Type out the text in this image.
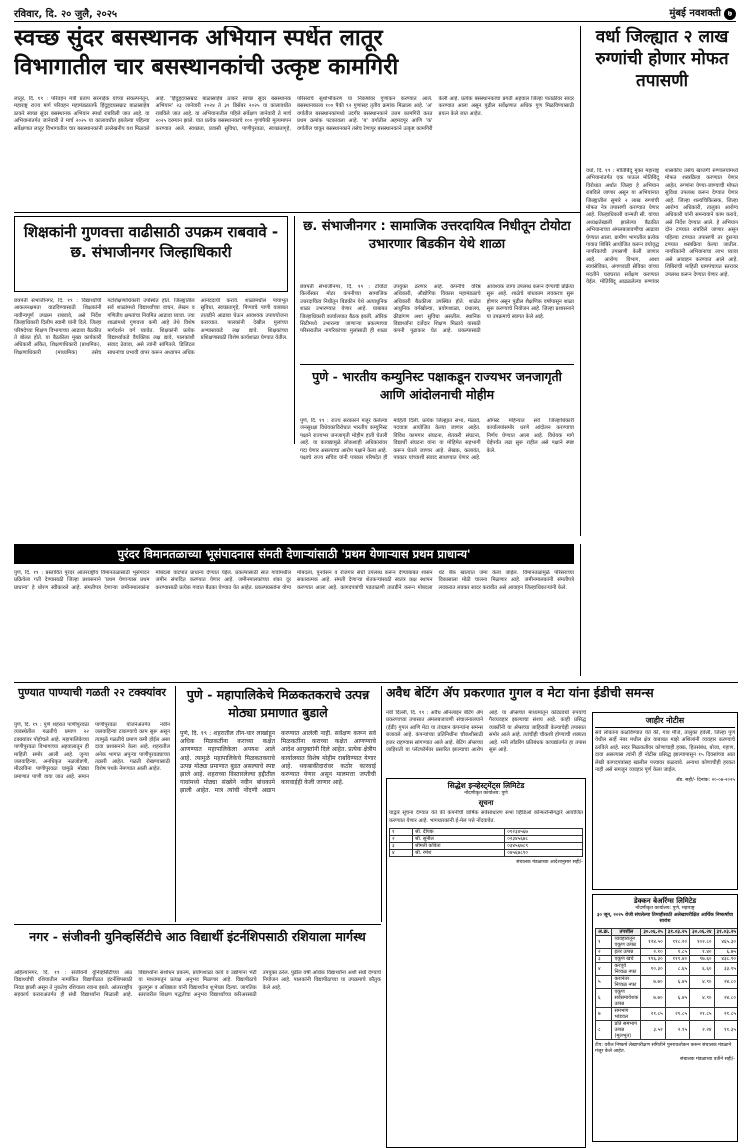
रविवार, दि. २० जुलै, २०२५	मुंबई नवशक्ती ७
स्वच्छ सुंदर बसस्थानक अभियान स्पर्धेत लातूर
विभागातील चार बसस्थानकांची उत्कृष्ट कामगिरी
लातूर, दि. १९ : परिवहन मंत्री प्रताप सरनाईक यांच्या संकल्पनेतून, महाराष्ट्र राज्य मार्ग परिवहन महामंडळातर्फे हिंदुहृदयसम्राट बाळासाहेब ठाकरे स्वच्छ सुंदर बसस्थानक अभियान स्पर्धा राबविली जात आहे. या अभियानांतर्गत जानेवारी ते मार्च २०२५ या कालावधीत झालेल्या पहिल्या सर्वेक्षणात लातूर विभागातील चार बसस्थानकांनी उल्लेखनीय यश मिळवले आहे. 'हिंदुहृदयसम्राट बाळासाहेब ठाकरे स्वच्छ सुंदर बसस्थानक अभियान' २३ जानेवारी २०२४ ते ३१ डिसेंबर २०२५ या कालावधीत राबविले जात आहे. या अभियानातील पहिले सर्वेक्षण जानेवारी ते मार्च २०२५ दरम्यान झाले. यात प्रत्येक बसस्थानकाचे १०० गुणांपैकी मूल्यमापन करण्यात आले. स्वच्छता, प्रवासी सुविधा, पाणीपुरवठा, स्वच्छतागृहे, परिसराचे सुशोभीकरण या निकषांवर गुणांकन करण्यात आले. बसस्थानकाला १०० पैकी ९२ गुणांसह तृतीय क्रमांक मिळाला आहे. 'अ' वर्गातील बसस्थानकांमध्ये उदगीर बसस्थानकाने उत्तम कामगिरी करत प्रथम क्रमांक पटकावला आहे. 'ब' वर्गातील अहमदपूर आणि 'क' वर्गातील चाकूर बसस्थानकाने तसेच रेणापूर बसस्थानकाने उत्कृष्ट कामगिरी केली आहे. प्रत्येक बसस्थानकाचा प्रगती अहवाल जिल्हा पातळीवर सादर करण्यात आला असून पुढील सर्वेक्षणात अधिक गुण मिळविण्यासाठी प्रयत्न केले जात आहेत.
वर्धा जिल्ह्यात २ लाख रुग्णांची होणार मोफत तपासणी
वर्धा, दि. १९ : मोतिबिंदू मुक्त महाराष्ट्र अभियानांतर्गत एक पाऊल मोतिबिंदू विरोधात अर्थात जिल्हा हे अभियान राबविले जाणार असून या अभियानात जिल्ह्यातील सुमारे २ लाख रुग्णांची मोफत नेत्र तपासणी करण्यात येणार आहे. जिल्हाधिकारी वान्मती सी. यांच्या अध्यक्षतेखाली झालेल्या बैठकीत अभियानाच्या अंमलबजावणीचा आढावा घेण्यात आला. ग्रामीण भागातील प्रत्येक गावात शिबिरे आयोजित करून वयोवृद्ध नागरिकांची तपासणी केली जाणार आहे. आरोग्य विभाग, आशा स्वयंसेविका, अंगणवाडी सेविका यांच्या मदतीने घराघरात सर्वेक्षण करण्यात येईल. मोतिबिंदू आढळलेल्या रुग्णांवर शासकीय तसेच खाजगी रुग्णालयांमध्ये मोफत शस्त्रक्रिया करण्यात येणार आहेत. रुग्णांना येण्या-जाण्याची मोफत सुविधा उपलब्ध करून देण्यात येणार आहे. जिल्हा शल्यचिकित्सक, जिल्हा आरोग्य अधिकारी, तालुका आरोग्य अधिकारी यांनी समन्वयाने काम करावे, असे निर्देश देण्यात आले. हे अभियान दोन टप्प्यात राबविले जाणार असून पहिल्या टप्प्यात तपासणी तर दुसऱ्या टप्प्यात शस्त्रक्रिया केल्या जातील. नागरिकांनी अभियानाचा लाभ घ्यावा असे आवाहन करण्यात आले आहे. शिबिरांची माहिती ग्रामपंचायत स्तरावर उपलब्ध करून देण्यात येणार आहे.
शिक्षकांनी गुणवत्ता वाढीसाठी उपक्रम राबवावे - छ. संभाजीनगर जिल्हाधिकारी
छत्रपती संभाजीनगर, दि. १९ : विद्यार्थ्यांची आकलनक्षमता वाढविण्यासाठी शिक्षकांनी नावीन्यपूर्ण उपक्रम राबवावे, असे निर्देश जिल्हाधिकारी दिलीप स्वामी यांनी दिले. जिल्हा परिषदेच्या शिक्षण विभागाच्या आढावा बैठकीत ते बोलत होते. या बैठकीला मुख्य कार्यकारी अधिकारी अंकित, शिक्षणाधिकारी (प्राथमिक), शिक्षणाधिकारी (माध्यमिक) तसेच गटशिक्षणाधिकारी उपस्थित होते. जिल्ह्यातील सर्व शाळांमध्ये विद्यार्थ्यांच्या वाचन, लेखन व गणितीय क्षमतांचा नियमित आढावा घ्यावा. ज्या शाळांमध्ये गुणवत्ता कमी आहे तेथे विशेष मार्गदर्शन वर्ग घ्यावेत. शिक्षकांनी प्रत्येक विद्यार्थ्याकडे वैयक्तिक लक्ष द्यावे, पालकांशी संवाद ठेवावा, असे त्यांनी सांगितले. डिजिटल साधनांचा प्रभावी वापर करून अध्यापन अधिक आनंददायी करावे. शाळांमधील पायाभूत सुविधा, स्वच्छतागृहे, पिण्याचे पाणी याबाबत तातडीने आढावा घेऊन आवश्यक उपाययोजना कराव्यात. पालकांनी देखील मुलांच्या अभ्यासाकडे लक्ष द्यावे. शिक्षकांच्या प्रशिक्षणासाठी विशेष कार्यशाळा घेण्यात येतील.
छ. संभाजीनगर : सामाजिक उत्तरदायित्व निधीतून टोयोटा उभारणार बिडकीन येथे शाळा
छत्रपती संभाजीनगर, दि. १९ : टोयोटा किर्लोस्कर मोटर कंपनीच्या सामाजिक उत्तरदायित्व निधीतून बिडकीन येथे अत्याधुनिक शाळा उभारण्यात येणार आहे. याबाबत जिल्हाधिकारी कार्यालयात बैठक झाली. ऑरिक सिटीमध्ये उभारल्या जाणाऱ्या प्रकल्पाच्या परिसरातील नागरिकांच्या मुलांसाठी ही शाळा उपयुक्त ठरणार आहे. कंपनीचे वरिष्ठ अधिकारी, औद्योगिक विकास महामंडळाचे अधिकारी बैठकीला उपस्थित होते. शाळेत आधुनिक वर्गखोल्या, प्रयोगशाळा, ग्रंथालय, क्रीडांगण अशा सुविधा असतील. स्थानिक विद्यार्थ्यांना दर्जेदार शिक्षण मिळावे यासाठी कंपनी पुढाकार घेत आहे. प्रकल्पासाठी आवश्यक जागा उपलब्ध करून देण्याची प्रक्रिया सुरू आहे. शाळेचे बांधकाम लवकरच सुरू होणार असून पुढील शैक्षणिक वर्षापासून शाळा सुरू करण्याचे नियोजन आहे. जिल्हा प्रशासनाने या उपक्रमाचे स्वागत केले आहे.
पुणे - भारतीय कम्युनिस्ट पक्षाकडून राज्यभर जनजागृती आणि आंदोलनाची मोहीम
पुणे, दि. १९ : राज्य सरकारने मंजूर केलेल्या जनसुरक्षा विधेयकाविरोधात भारतीय कम्युनिस्ट पक्षाने राज्यभर जनजागृती मोहीम हाती घेतली आहे. या कायद्यामुळे लोकशाही अधिकारांवर गदा येणार असल्याचा आरोप पक्षाने केला आहे. पक्षाचे राज्य सचिव यांनी पत्रकार परिषदेत ही माहिती दिली. प्रत्येक जिल्ह्यात सभा, मेळावे, पदयात्रा आयोजित केल्या जाणार आहेत. विविध कामगार संघटना, शेतकरी संघटना, विद्यार्थी संघटना यांना या मोहिमेत सहभागी करून घेतले जाणार आहे. लेखक, कलावंत, पत्रकार यांच्याशी संवाद साधण्यात येणार आहे. ऑगस्ट महिन्यात सर्व जिल्हाधिकारी कार्यालयांसमोर धरणे आंदोलन करण्याचा निर्णय घेण्यात आला आहे. विधेयक मागे घेईपर्यंत लढा सुरू राहील असे पक्षाने स्पष्ट केले.
पुरंदर विमानतळाच्या भूसंपादनास संमती देणाऱ्यांसाठी 'प्रथम येणाऱ्यास प्रथम प्राधान्य'
पुणे, दि. १९ : प्रस्तावित पुरंदर आंतरराष्ट्रीय विमानतळासाठी भूसंपादन प्रक्रियेला गती देण्यासाठी जिल्हा प्रशासनाने 'प्रथम येणाऱ्यास प्रथम प्राधान्य' हे धोरण स्वीकारले आहे. संमतीपत्र देणाऱ्या जमीनमालकांना मोबदला वाटपात प्राधान्य देण्यात येईल. प्रकल्पासाठी सात गावांमधील जमीन संपादित करण्यात येणार आहे. जमीनमालकांच्या शंका दूर करण्यासाठी प्रत्येक गावात बैठका घेण्यात येत आहेत. प्रकल्पग्रस्तांना योग्य मोबदला, पुनर्वसन व रोजगार संधी उपलब्ध करून देण्याबाबत शासन सकारात्मक आहे. संमती देणाऱ्या शेतकऱ्यांसाठी स्वतंत्र कक्ष स्थापन करण्यात आला आहे. कागदपत्रांची पडताळणी तातडीने करून मोबदला थेट बँक खात्यात जमा केला जाईल. विमानतळामुळे परिसराच्या विकासाला मोठी चालना मिळणार आहे. जमीनमालकांनी संमतीपत्रे लवकरात लवकर सादर करावीत असे आवाहन जिल्हाधिकाऱ्यांनी केले.
पुण्यात पाण्याची गळती २२ टक्क्यांवर
पुणे, दि. १९ : पुणे शहरात पाणीपुरवठा व्यवस्थेतील गळतीचे प्रमाण २२ टक्क्यांवर पोहोचले आहे. महापालिकेच्या पाणीपुरवठा विभागाच्या अहवालातून ही माहिती समोर आली आहे. जुन्या जलवाहिन्या, अनधिकृत नळजोडणी, मीटरविना पाणीपुरवठा यामुळे मोठ्या प्रमाणात पाणी वाया जात आहे. समान पाणीपुरवठा योजनेअंतर्गत नवीन जलवाहिन्या टाकण्याचे काम सुरू असून त्यामुळे गळतीचे प्रमाण कमी होईल असा दावा प्रशासनाने केला आहे. शहरातील अनेक भागात अपुऱ्या पाणीपुरवठ्याच्या तक्रारी आहेत. गळती रोखण्यासाठी विशेष पथके नेमण्यात आली आहेत.
पुणे - महापालिकेचे मिळकतकराचे उत्पन्न मोठ्या प्रमाणात बुडाले
पुणे, दि. १९ : शहरातील तीन-चार लाखांहून अधिक मिळकतींना कराच्या कक्षेत आणण्यात महापालिकेला अपयश आले आहे. त्यामुळे महापालिकेचे मिळकतकराचे उत्पन्न मोठ्या प्रमाणात बुडत असल्याचे स्पष्ट झाले आहे. शहराच्या विस्तारलेल्या हद्दीतील गावांमध्ये मोठ्या संख्येने नवीन बांधकामे झाली आहेत. मात्र त्यांची नोंदणी अद्याप करण्यात आलेली नाही. सर्वेक्षण करून सर्व मिळकतींना कराच्या कक्षेत आणण्याचे आदेश आयुक्तांनी दिले आहेत. प्रत्येक क्षेत्रीय कार्यालयात विशेष मोहीम राबविण्यात येणार आहे. थकबाकीदारांवर कठोर कारवाई करण्यात येणार असून मालमत्ता जप्तीची कारवाईही केली जाणार आहे.
अवैध बेटिंग ॲप प्रकरणात गुगल व मेटा यांना ईडीची समन्स
नवी दिल्ली, दि. १९ : अवैध ऑनलाइन बेटिंग ॲप प्रकरणाच्या तपासात अंमलबजावणी संचालनालयाने (ईडी) गुगल आणि मेटा या तंत्रज्ञान कंपन्यांना समन्स बजावले आहे. कंपन्यांच्या प्रतिनिधींना चौकशीसाठी हजर राहण्यास सांगण्यात आले आहे. बेटिंग ॲप्सच्या जाहिराती या प्लॅटफॉर्मवर प्रसारित झाल्याचा आरोप आहे. या ॲप्सच्या माध्यमातून कोट्यवधी रुपयांचे गैरव्यवहार झाल्याचा संशय आहे. काही प्रसिद्ध व्यक्तींनी या ॲप्सच्या जाहिराती केल्याचेही तपासात समोर आले आहे. त्यांचीही चौकशी होण्याची शक्यता आहे. मनी लाँडरिंग प्रतिबंधक कायद्यांतर्गत हा तपास सुरू आहे.
सिद्धेश इन्व्हेस्ट्मेंट्स लिमिटेड
नोंदणीकृत कार्यालय: पुणे
सूचना
याद्वारे सूचना देण्यात येते की कंपनीची वार्षिक सर्वसाधारण सभा व्हिडिओ कॉन्फरन्सिंगद्वारे आयोजित करण्यात येणार आहे. भागधारकांनी ई-मेल पत्ते नोंदवावेत.
१	श्री. दीपक	०१२३४५६७
२	श्री. सुनील	०२३४५६७८
३	श्रीमती कविता	०३४५६७८९
४	श्री. रमेश	०४५६७८९०
संचालक मंडळाच्या आदेशानुसार सही/-
जाहीर नोटीस
सर्व लोकांना कळविण्यात येते की, गाव मौजे, तालुका हवेली, जिल्हा पुणे येथील सर्व्हे नंबर मधील क्षेत्र याबाबत माझे अशिलांनी व्यवहार करण्याचे ठरविले आहे. सदर मिळकतीवर कोणाचाही हक्क, हितसंबंध, बोजा, गहाण, दावा असल्यास त्यांनी ही नोटीस प्रसिद्ध झाल्यापासून १५ दिवसांच्या आत लेखी कागदपत्रांसह खालील पत्त्यावर कळवावे. अन्यथा कोणाचीही हरकत नाही असे समजून व्यवहार पूर्ण केला जाईल.
ॲड. सही/- दिनांक: २०-०७-२०२५
डेक्कन बेअरिंग्स लिमिटेड
नोंदणीकृत कार्यालय: पुणे, महाराष्ट्र
३० जून, २०२५ रोजी संपलेल्या तिमाहीसाठी अलेखापरीक्षित आर्थिक निष्कर्षांचा सारांश
अ.क्र.	तपशील	३०.०६.२५	३१.०३.२५	३०.०६.२४	३१.०३.२५
१	व्यवहारातून एकूण उत्पन्न	१२४.५०	११८.२०	१०२.८०	४६५.३०
२	इतर उत्पन्न	२.१०	१.८५	१.४०	६.७५
३	एकूण खर्च	११६.३०	१११.४०	९७.६०	४३८.९०
४	करपूर्व निव्वळ नफा	१०.३०	८.६५	६.६०	३३.१५
५	करानंतर निव्वळ नफा	७.७०	६.४५	४.९०	२४.८०
६	एकूण सर्वसमावेशक उत्पन्न	७.७०	६.४५	४.९०	२४.८०
७	समभाग भांडवल	२१.८५	२१.८५	२१.८५	२१.८५
८	प्रति समभाग उत्पन्न (मूलभूत)	३.५२	२.९५	२.२४	११.३५
टीप: वरील निष्कर्ष लेखापरीक्षण समितीने पुनरावलोकन करून संचालक मंडळाने मंजूर केले आहेत.
संचालक मंडळाच्या वतीने सही/-
नगर - संजीवनी युनिव्हर्सिटीचे आठ विद्यार्थी इंटर्नशिपसाठी रशियाला मार्गस्थ
अहिल्यानगर, दि. १९ : संजीवनी युनिव्हर्सिटीच्या आठ विद्यार्थ्यांची रशियातील नामांकित विद्यापीठात इंटर्नशिपसाठी निवड झाली असून ते नुकतेच रशियाला रवाना झाले. आंतरराष्ट्रीय सहकार्य कराराअंतर्गत ही संधी विद्यार्थ्यांना मिळाली आहे. विद्यार्थ्यांना संशोधन प्रकल्प, प्रयोगशाळा कार्य व उद्योगांना भेटी या माध्यमातून प्रत्यक्ष अनुभव मिळणार आहे. विद्यापीठाचे कुलगुरू व अधिष्ठाता यांनी विद्यार्थ्यांना शुभेच्छा दिल्या. जागतिक स्तरावरील शिक्षण पद्धतीचा अनुभव विद्यार्थ्यांच्या करिअरसाठी उपयुक्त ठरेल. पुढील वर्षी अधिक विद्यार्थ्यांना अशी संधी देण्याचे नियोजन आहे. पालकांनी विद्यापीठाच्या या उपक्रमाचे कौतुक केले आहे.
